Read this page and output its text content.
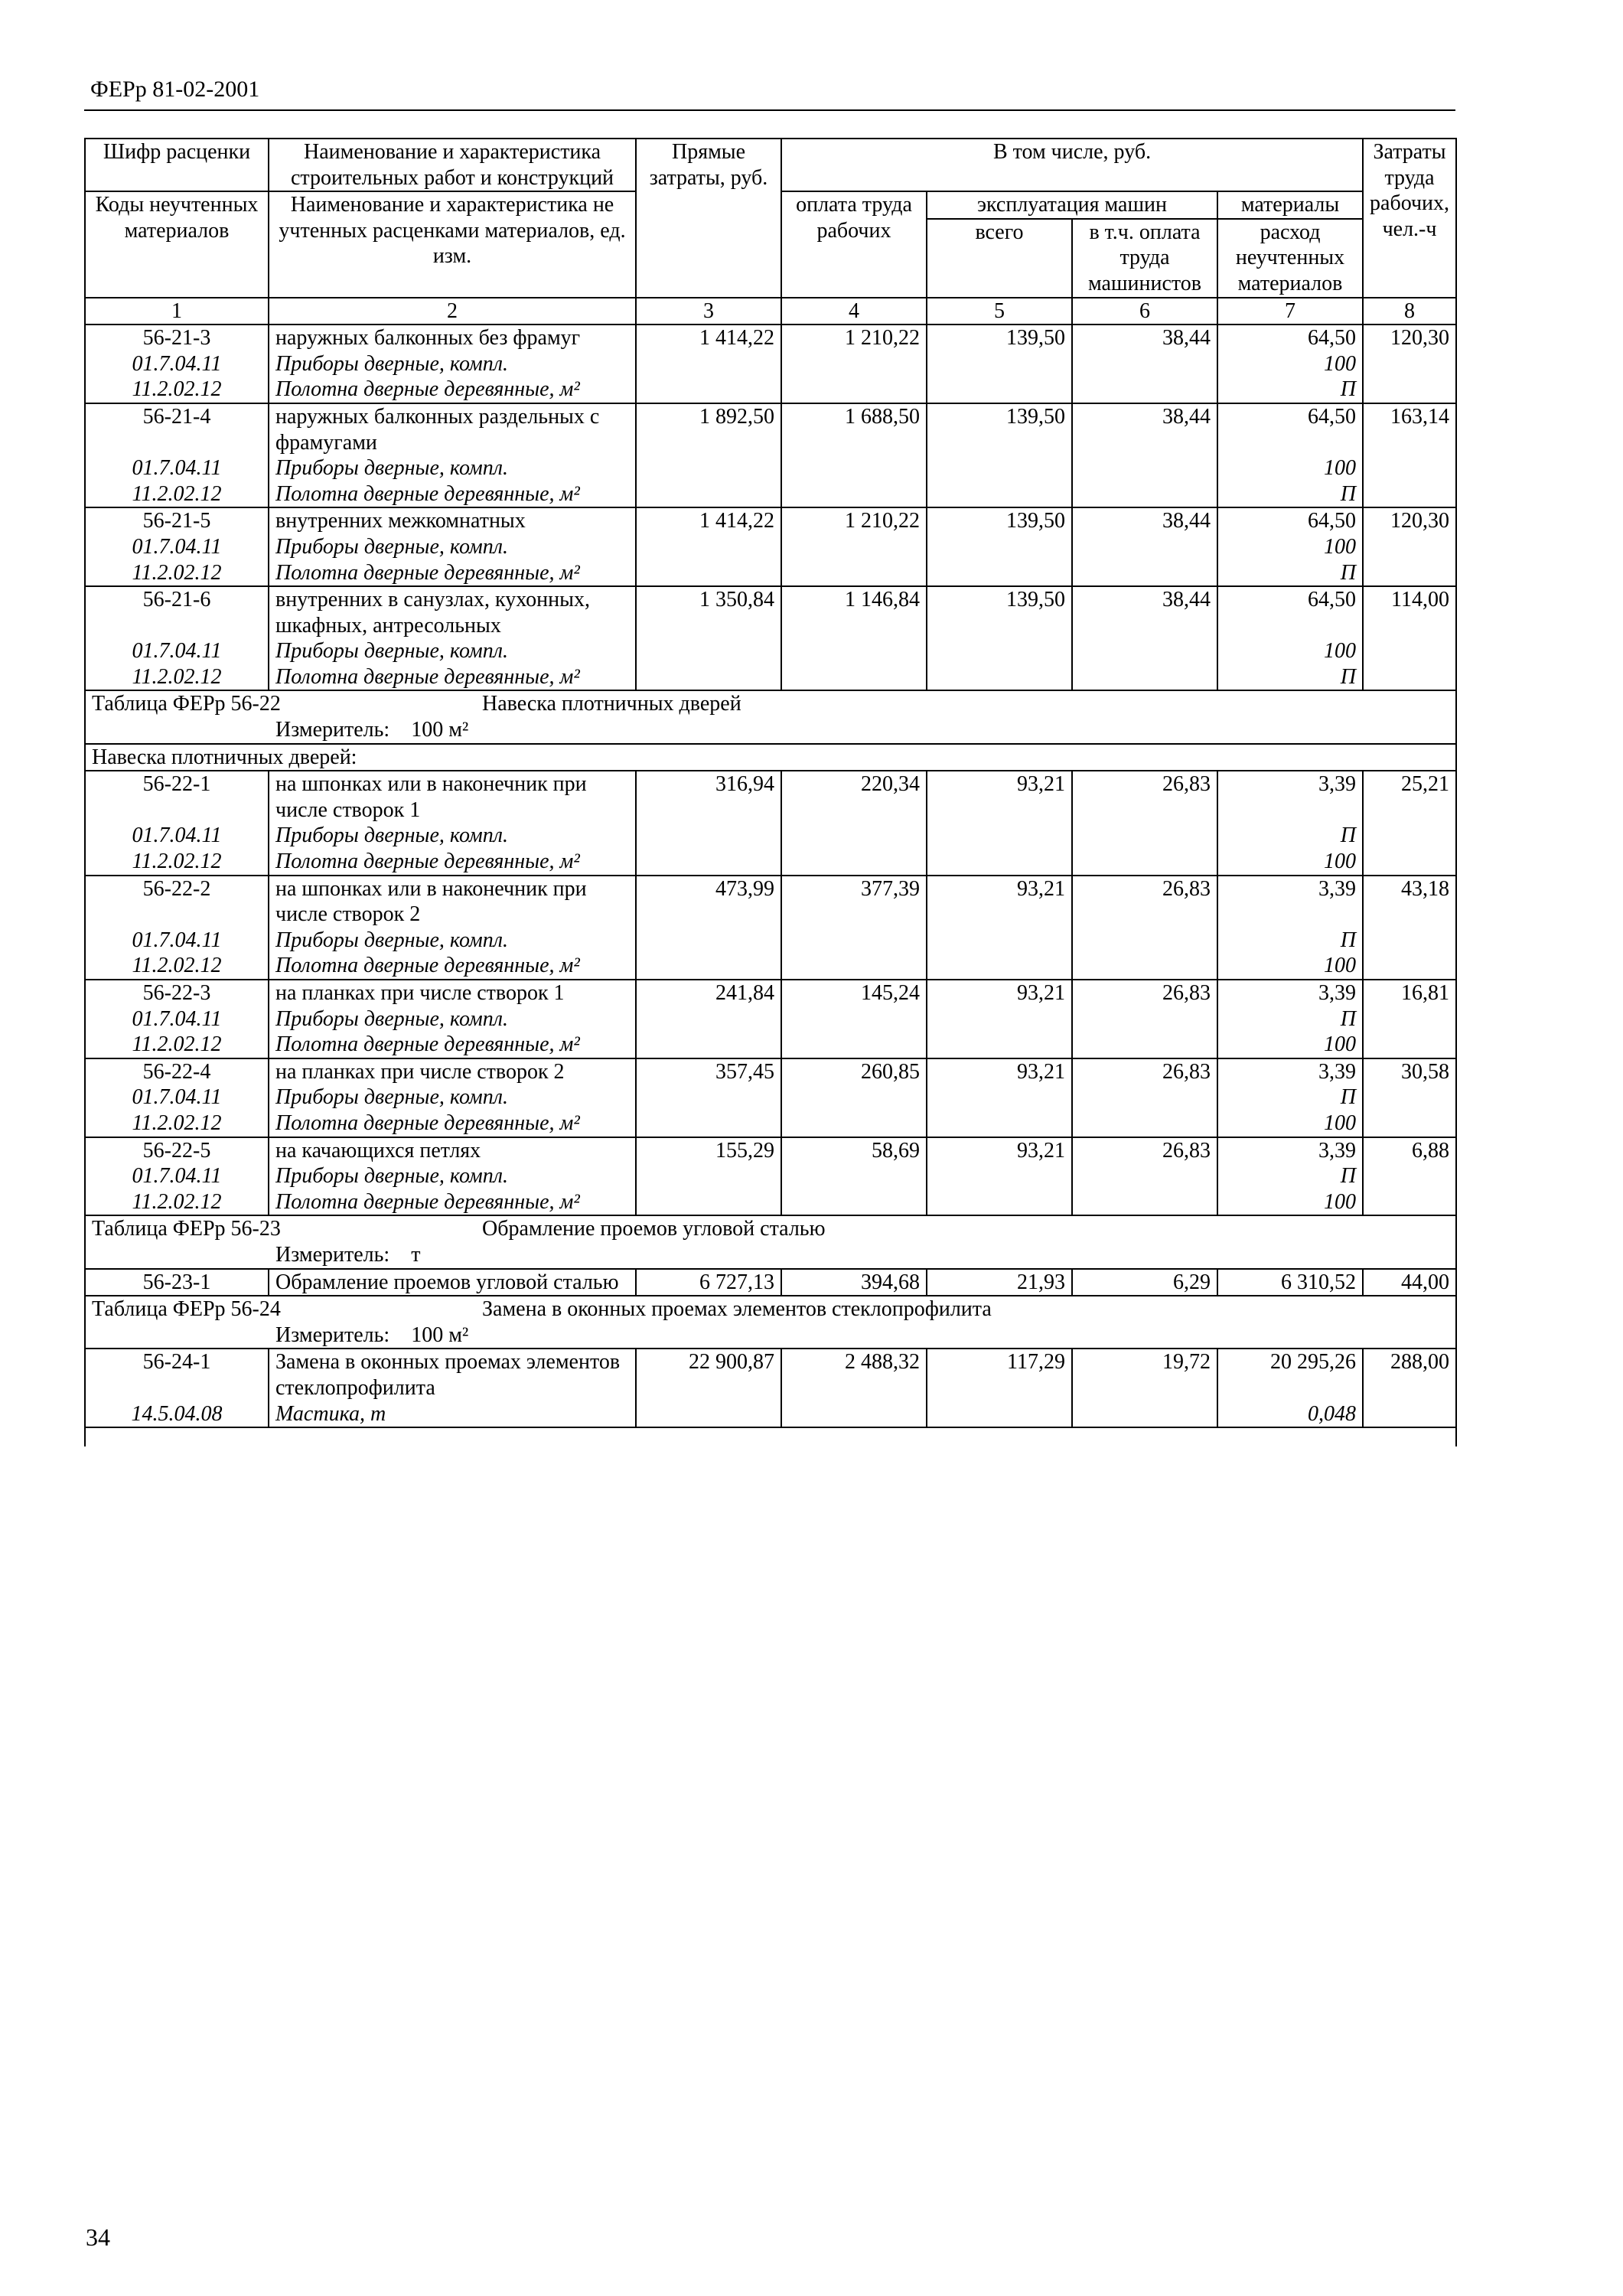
ФЕРр 81-02-2001
Шифр расценки	Наименование и характеристика строительных работ и конструкций	Прямые затраты, руб.	В том числе, руб.				Затраты труда рабочих, чел.-ч

Коды неучтенных материалов	Наименование и характеристика не учтенных расценками материалов, ед. изм.		оплата труда рабочих	эксплуатация машин		материалы	
				всего	в т.ч. оплата труда машинистов	расход неучтенных материалов	
1	2	3	4	5	6	7	8
56-21-3	наружных балконных без фрамуг	1 414,22	1 210,22	139,50	38,44	64,50	120,30
01.7.04.11	Приборы дверные, компл.					100	
11.2.02.12	Полотна дверные деревянные, м²					П	
56-21-4	наружных балконных раздельных с фрамугами	1 892,50	1 688,50	139,50	38,44	64,50	163,14
01.7.04.11	Приборы дверные, компл.					100	
11.2.02.12	Полотна дверные деревянные, м²					П	
56-21-5	внутренних межкомнатных	1 414,22	1 210,22	139,50	38,44	64,50	120,30
01.7.04.11	Приборы дверные, компл.					100	
11.2.02.12	Полотна дверные деревянные, м²					П	
56-21-6	внутренних в санузлах, кухонных, шкафных, антресольных	1 350,84	1 146,84	139,50	38,44	64,50	114,00
01.7.04.11	Приборы дверные, компл.					100	
11.2.02.12	Полотна дверные деревянные, м²					П	
Таблица ФЕРр 56-22 Навеска плотничных дверей							
Измеритель: 100 м²							
Навеска плотничных дверей:							
56-22-1	на шпонках или в наконечник при числе створок 1	316,94	220,34	93,21	26,83	3,39	25,21
01.7.04.11	Приборы дверные, компл.					П	
11.2.02.12	Полотна дверные деревянные, м²					100	
56-22-2	на шпонках или в наконечник при числе створок 2	473,99	377,39	93,21	26,83	3,39	43,18
01.7.04.11	Приборы дверные, компл.					П	
11.2.02.12	Полотна дверные деревянные, м²					100	
56-22-3	на планках при числе створок 1	241,84	145,24	93,21	26,83	3,39	16,81
01.7.04.11	Приборы дверные, компл.					П	
11.2.02.12	Полотна дверные деревянные, м²					100	
56-22-4	на планках при числе створок 2	357,45	260,85	93,21	26,83	3,39	30,58
01.7.04.11	Приборы дверные, компл.					П	
11.2.02.12	Полотна дверные деревянные, м²					100	
56-22-5	на качающихся петлях	155,29	58,69	93,21	26,83	3,39	6,88
01.7.04.11	Приборы дверные, компл.					П	
11.2.02.12	Полотна дверные деревянные, м²					100	
Таблица ФЕРр 56-23 Обрамление проемов угловой сталью							
Измеритель: т							
56-23-1	Обрамление проемов угловой сталью	6 727,13	394,68	21,93	6,29	6 310,52	44,00
Таблица ФЕРр 56-24 Замена в оконных проемах элементов стеклопрофилита							
Измеритель: 100 м²							
56-24-1	Замена в оконных проемах элементов стеклопрофилита	22 900,87	2 488,32	117,29	19,72	20 295,26	288,00
14.5.04.08	Мастика, т					0,048	

34
